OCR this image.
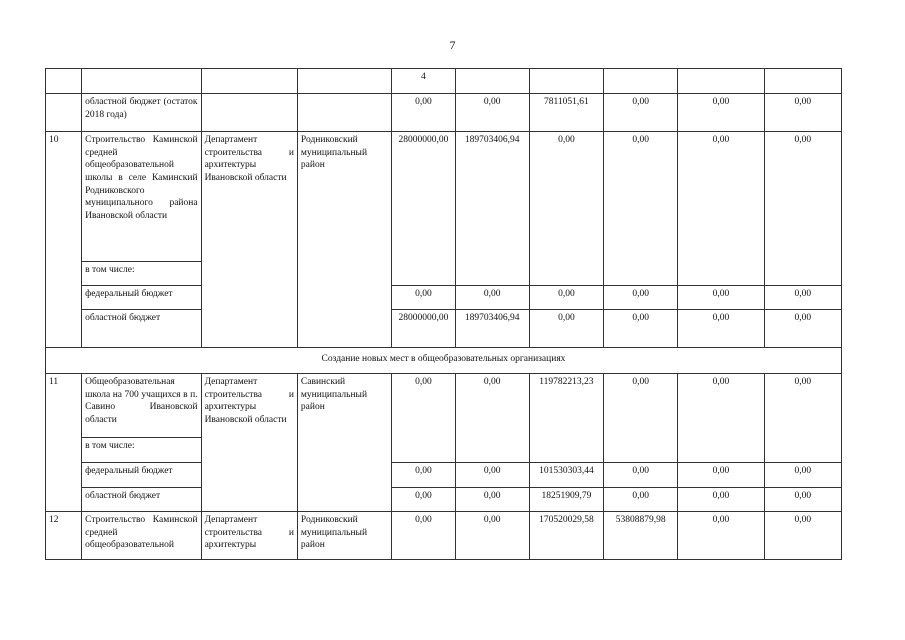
7
				4					
	областной бюджет (остаток 2018 года)			0,00	0,00	7811051,61	0,00	0,00	0,00
10	Строительство Каминской средней общеобразовательной школы в селе Каминский Родниковского муниципального района Ивановской области	Департамент строительства и архитектуры Ивановской области	Родниковский муниципальный район	28000000,00	189703406,94	0,00	0,00	0,00	0,00
	в том числе:								
	федеральный бюджет			0,00	0,00	0,00	0,00	0,00	0,00
	областной бюджет			28000000,00	189703406,94	0,00	0,00	0,00	0,00
Создание новых мест в общеобразовательных организациях									
11	Общеобразовательная школа на 700 учащихся в п. Савино Ивановской области	Департамент строительства и архитектуры Ивановской области	Савинский муниципальный район	0,00	0,00	119782213,23	0,00	0,00	0,00
	в том числе:								
	федеральный бюджет			0,00	0,00	101530303,44	0,00	0,00	0,00
	областной бюджет			0,00	0,00	18251909,79	0,00	0,00	0,00
12	Строительство Каминской средней общеобразовательной	Департамент строительства и архитектуры	Родниковский муниципальный район	0,00	0,00	170520029,58	53808879,98	0,00	0,00
